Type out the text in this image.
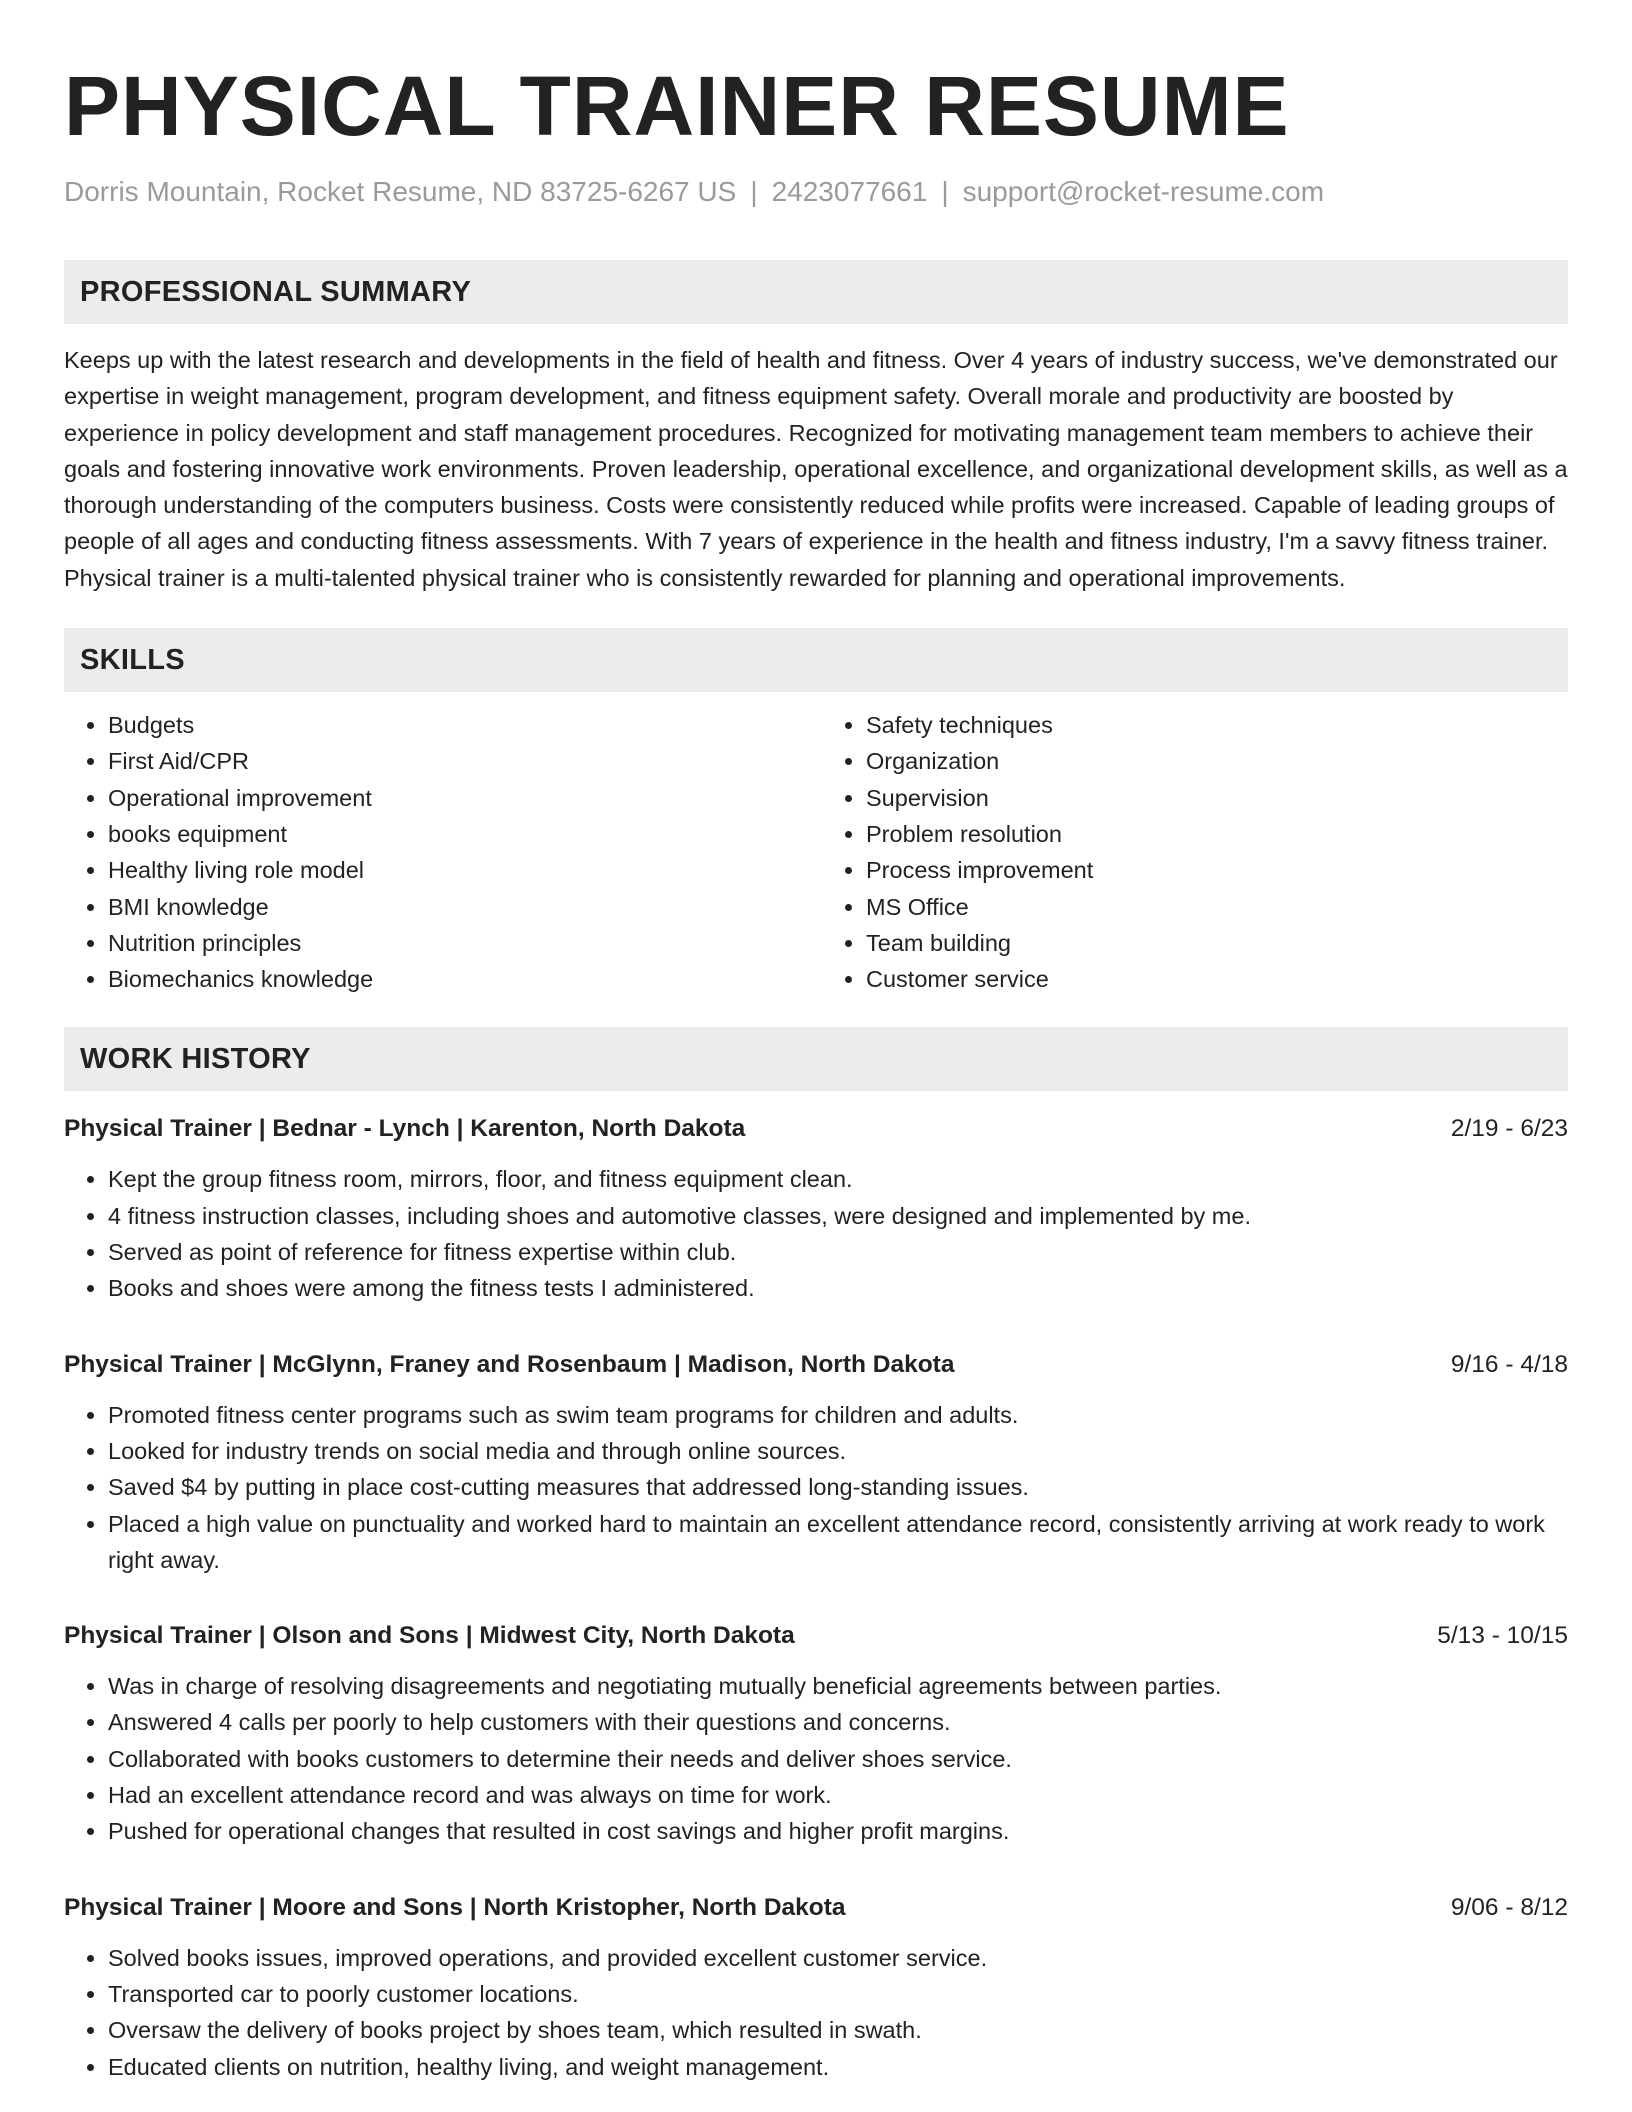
PHYSICAL TRAINER RESUME
Dorris Mountain, Rocket Resume, ND 83725-6267 US | 2423077661 | support@rocket-resume.com
PROFESSIONAL SUMMARY

Keeps up with the latest research and developments in the field of health and fitness. Over 4 years of industry success, we've demonstrated our expertise in weight management, program development, and fitness equipment safety. Overall morale and productivity are boosted by experience in policy development and staff management procedures. Recognized for motivating management team members to achieve their goals and fostering innovative work environments. Proven leadership, operational excellence, and organizational development skills, as well as a thorough understanding of the computers business. Costs were consistently reduced while profits were increased. Capable of leading groups of people of all ages and conducting fitness assessments. With 7 years of experience in the health and fitness industry, I'm a savvy fitness trainer. Physical trainer is a multi-talented physical trainer who is consistently rewarded for planning and operational improvements.

SKILLS
• Budgets
• First Aid/CPR
• Operational improvement
• books equipment
• Healthy living role model
• BMI knowledge
• Nutrition principles
• Biomechanics knowledge
• Safety techniques
• Organization
• Supervision
• Problem resolution
• Process improvement
• MS Office
• Team building
• Customer service
WORK HISTORY
Physical Trainer | Bednar - Lynch | Karenton, North Dakota	2/19 - 6/23
• Kept the group fitness room, mirrors, floor, and fitness equipment clean.
• 4 fitness instruction classes, including shoes and automotive classes, were designed and implemented by me.
• Served as point of reference for fitness expertise within club.
• Books and shoes were among the fitness tests I administered.
Physical Trainer | McGlynn, Franey and Rosenbaum | Madison, North Dakota	9/16 - 4/18
• Promoted fitness center programs such as swim team programs for children and adults.
• Looked for industry trends on social media and through online sources.
• Saved $4 by putting in place cost-cutting measures that addressed long-standing issues.
• Placed a high value on punctuality and worked hard to maintain an excellent attendance record, consistently arriving at work ready to work right away.
Physical Trainer | Olson and Sons | Midwest City, North Dakota	5/13 - 10/15
• Was in charge of resolving disagreements and negotiating mutually beneficial agreements between parties.
• Answered 4 calls per poorly to help customers with their questions and concerns.
• Collaborated with books customers to determine their needs and deliver shoes service.
• Had an excellent attendance record and was always on time for work.
• Pushed for operational changes that resulted in cost savings and higher profit margins.
Physical Trainer | Moore and Sons | North Kristopher, North Dakota	9/06 - 8/12
• Solved books issues, improved operations, and provided excellent customer service.
• Transported car to poorly customer locations.
• Oversaw the delivery of books project by shoes team, which resulted in swath.
• Educated clients on nutrition, healthy living, and weight management.
